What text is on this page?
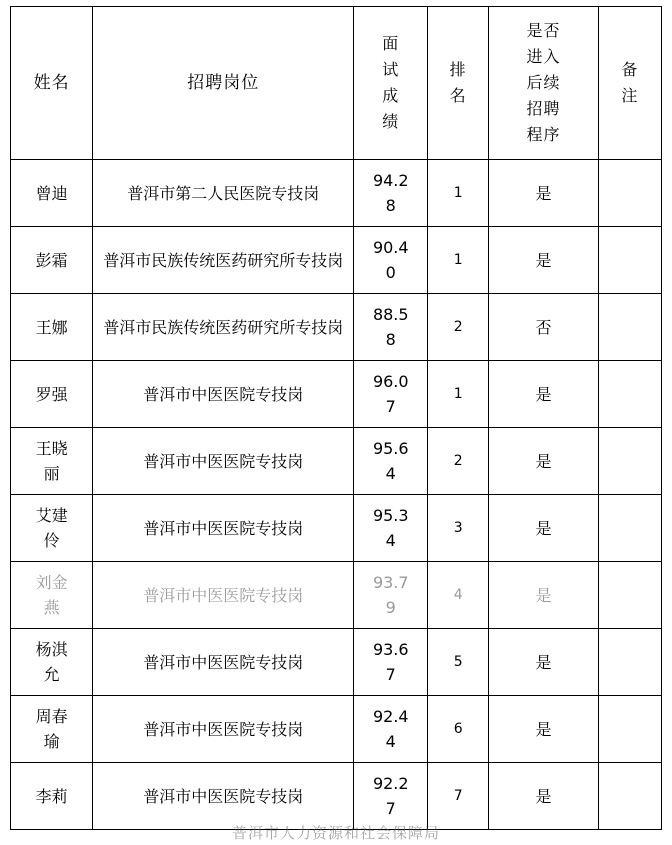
姓名	招聘岗位	面试成绩	排名	是否进入后续招聘程序	备注
曾迪	普洱市第二人民医院专技岗	94.28	1	是	
彭霜	普洱市民族传统医药研究所专技岗	90.40	1	是	
王娜	普洱市民族传统医药研究所专技岗	88.58	2	否	
罗强	普洱市中医医院专技岗	96.07	1	是	
王晓丽	普洱市中医医院专技岗	95.64	2	是	
艾建伶	普洱市中医医院专技岗	95.34	3	是	
刘金燕	普洱市中医医院专技岗	93.79	4	是	
杨淇允	普洱市中医医院专技岗	93.67	5	是	
周春瑜	普洱市中医医院专技岗	92.44	6	是	
李莉	普洱市中医医院专技岗	92.27	7	是	
普洱市人力资源和社会保障局
